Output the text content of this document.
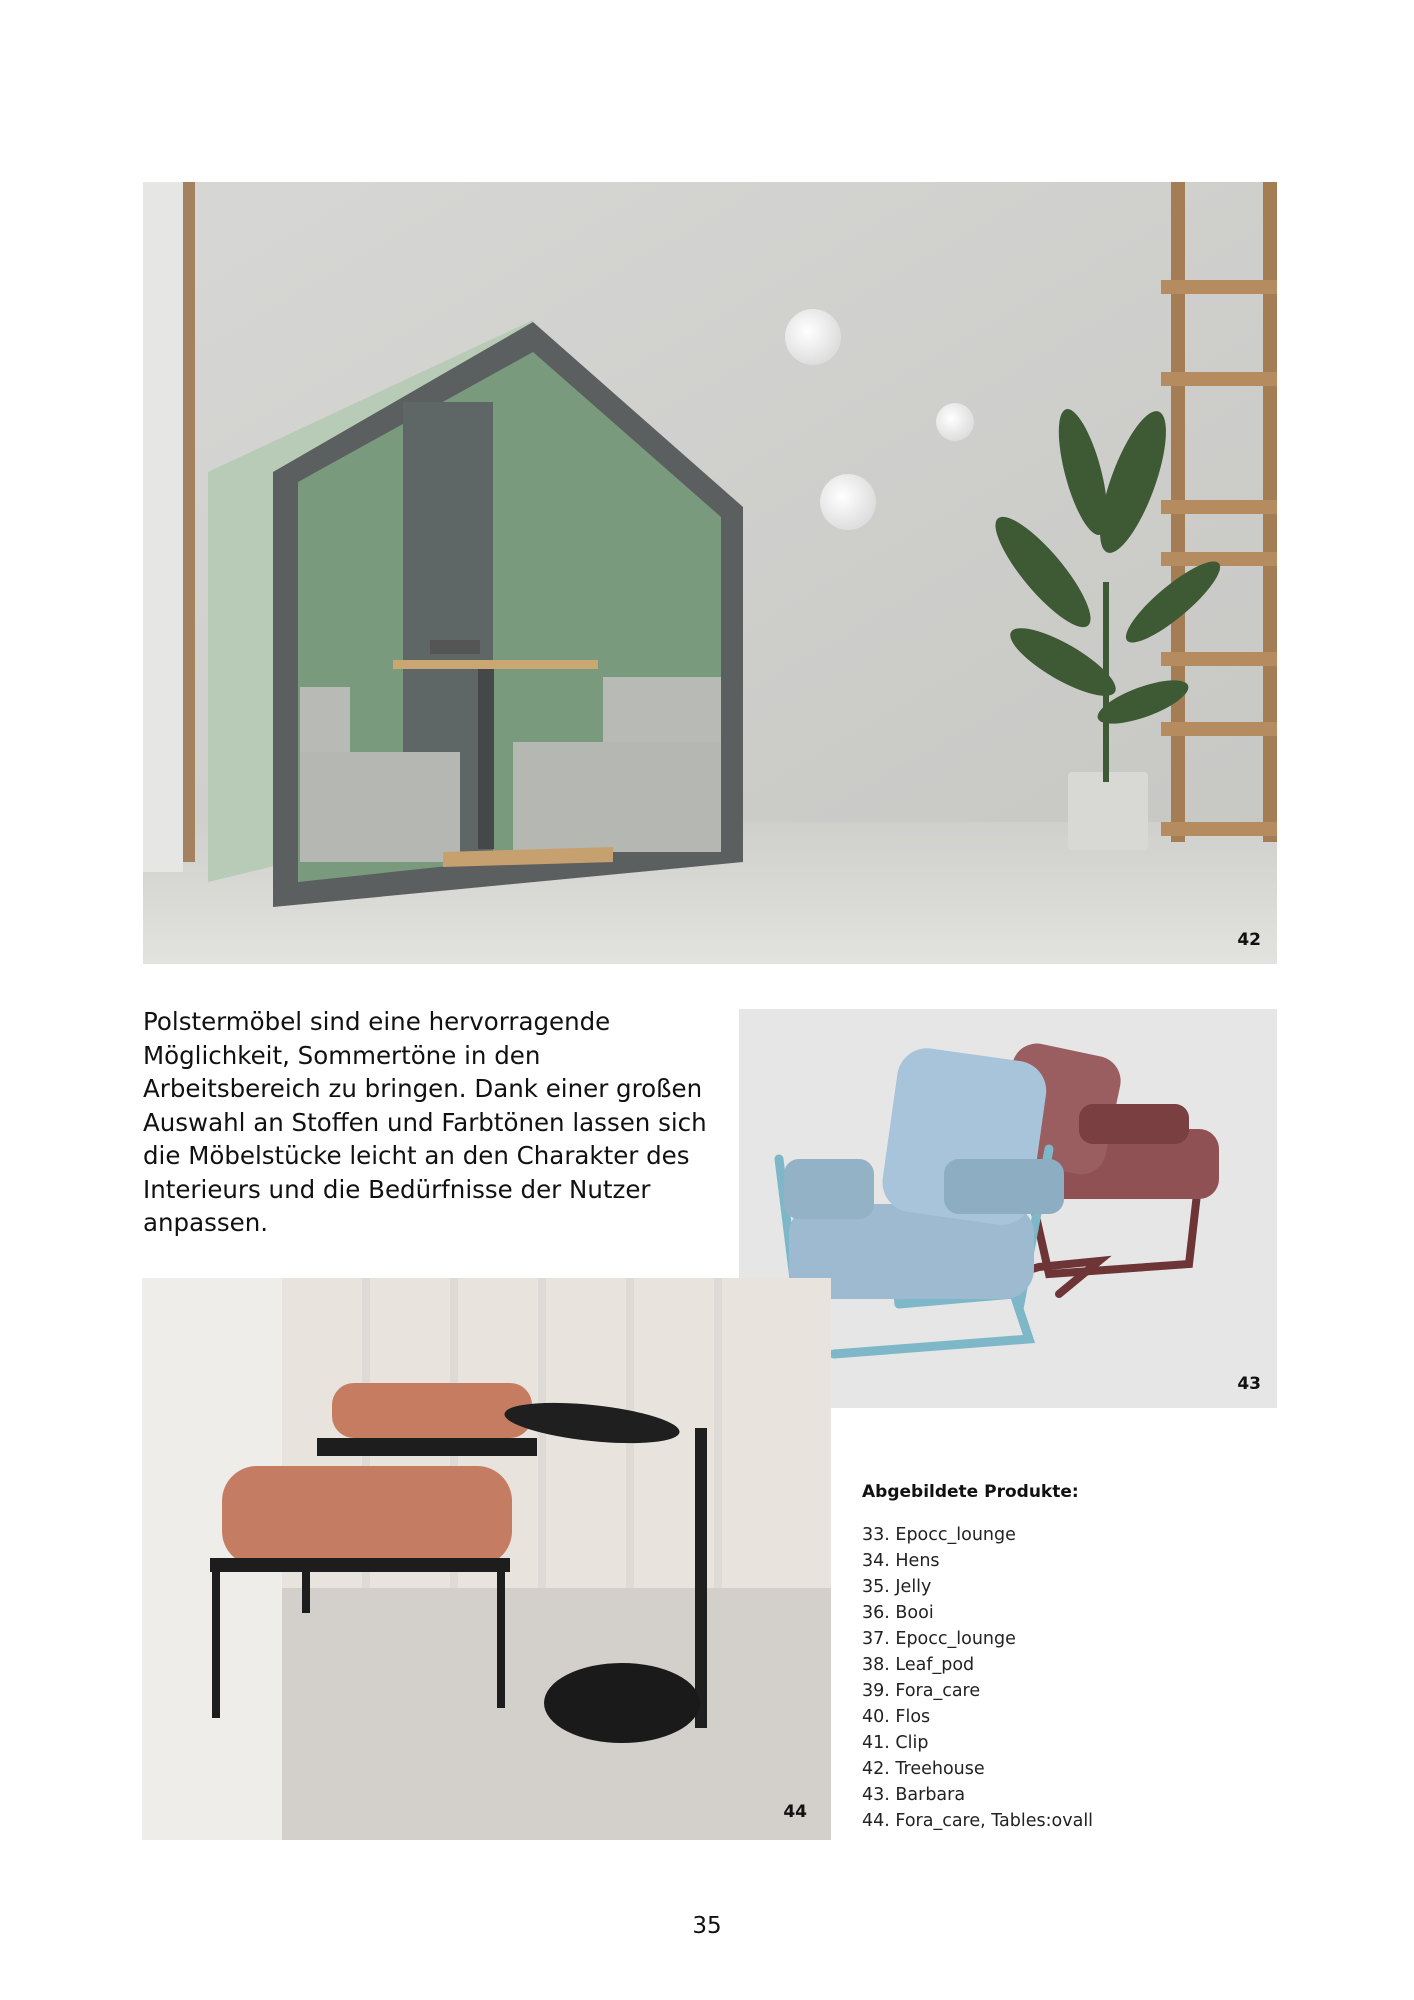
42

Polstermöbel sind eine hervorragende Möglichkeit, Sommertöne in den Arbeitsbereich zu bringen. Dank einer großen Auswahl an Stoffen und Farbtönen lassen sich die Möbelstücke leicht an den Charakter des Interieurs und die Bedürfnisse der Nutzer anpassen.

43
44
Abgebildete Produkte:
33. Epocc_lounge
34. Hens
35. Jelly
36. Booi
37. Epocc_lounge
38. Leaf_pod
39. Fora_care
40. Flos
41. Clip
42. Treehouse
43. Barbara
44. Fora_care, Tables:ovall
35
